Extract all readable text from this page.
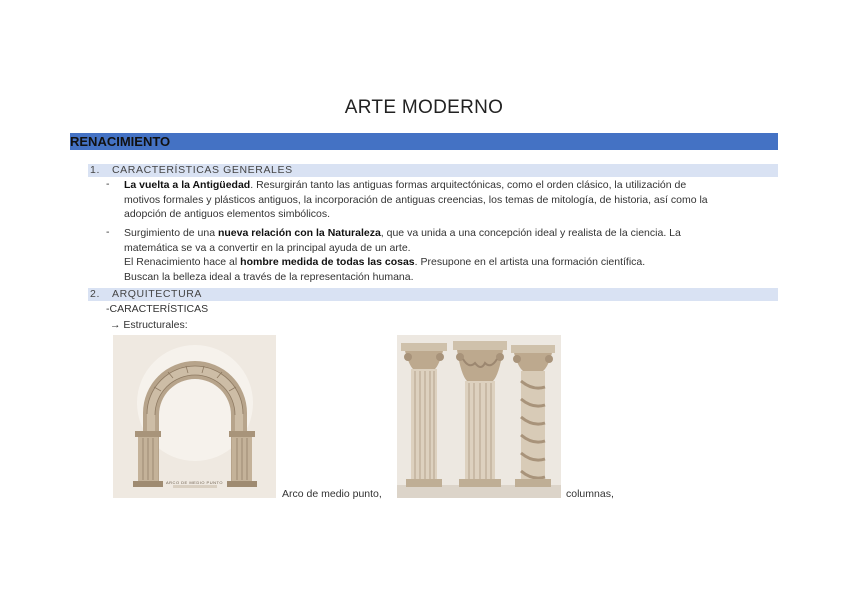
ARTE MODERNO
RENACIMIENTO
1. CARACTERÍSTICAS GENERALES
- La vuelta a la Antigüedad. Resurgirán tanto las antiguas formas arquitectónicas, como el orden clásico, la utilización de
motivos formales y plásticos antiguos, la incorporación de antiguas creencias, los temas de mitología, de historia, así como la
adopción de antiguos elementos simbólicos.
- Surgimiento de una nueva relación con la Naturaleza, que va unida a una concepción ideal y realista de la ciencia. La
matemática se va a convertir en la principal ayuda de un arte.
El Renacimiento hace al hombre medida de todas las cosas. Presupone en el artista una formación científica.
Buscan la belleza ideal a través de la representación humana.
2. ARQUITECTURA
-CARACTERÍSTICAS
→ Estructurales:
ARCO DE MEDIO PUNTO
Arco de medio punto,	columnas,
